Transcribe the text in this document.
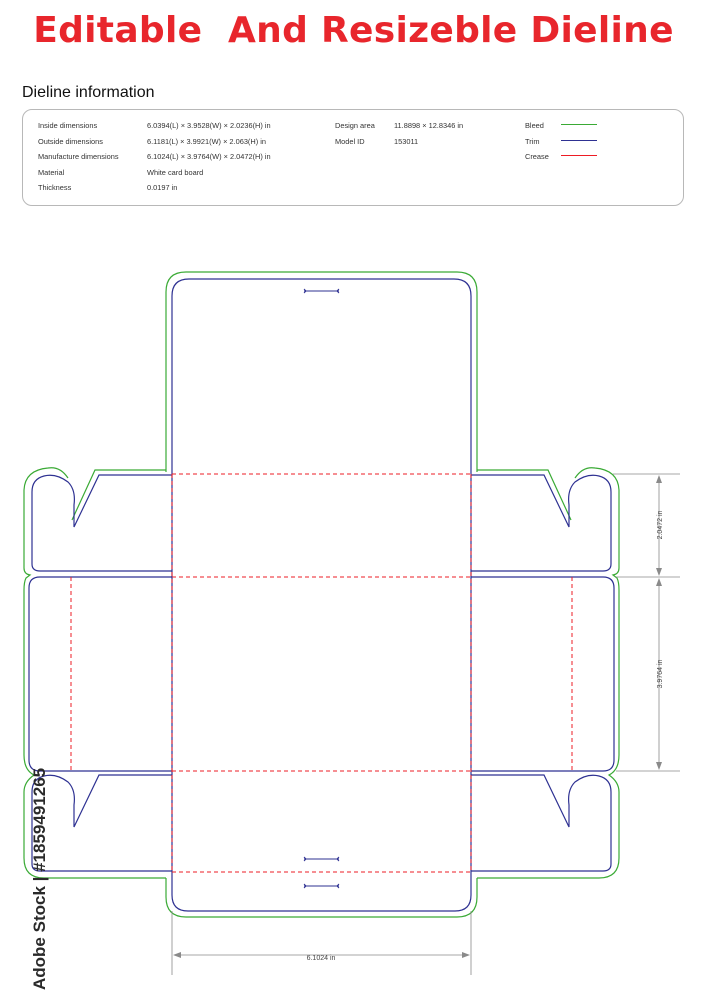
Editable  And Resizeble Dieline
Dieline information
Inside dimensions	6.0394(L) × 3.9528(W) × 2.0236(H) in
Outside dimensions	6.1181(L) × 3.9921(W) × 2.063(H) in
Manufacture dimensions	6.1024(L) × 3.9764(W) × 2.0472(H) in
Material	White card board
Thickness	0.0197 in
Design area	11.8898 × 12.8346 in
Model ID	153011
Bleed
Trim
Crease
2.0472 in
3.9764 in
6.1024 in
Adobe Stock | #1859491265
